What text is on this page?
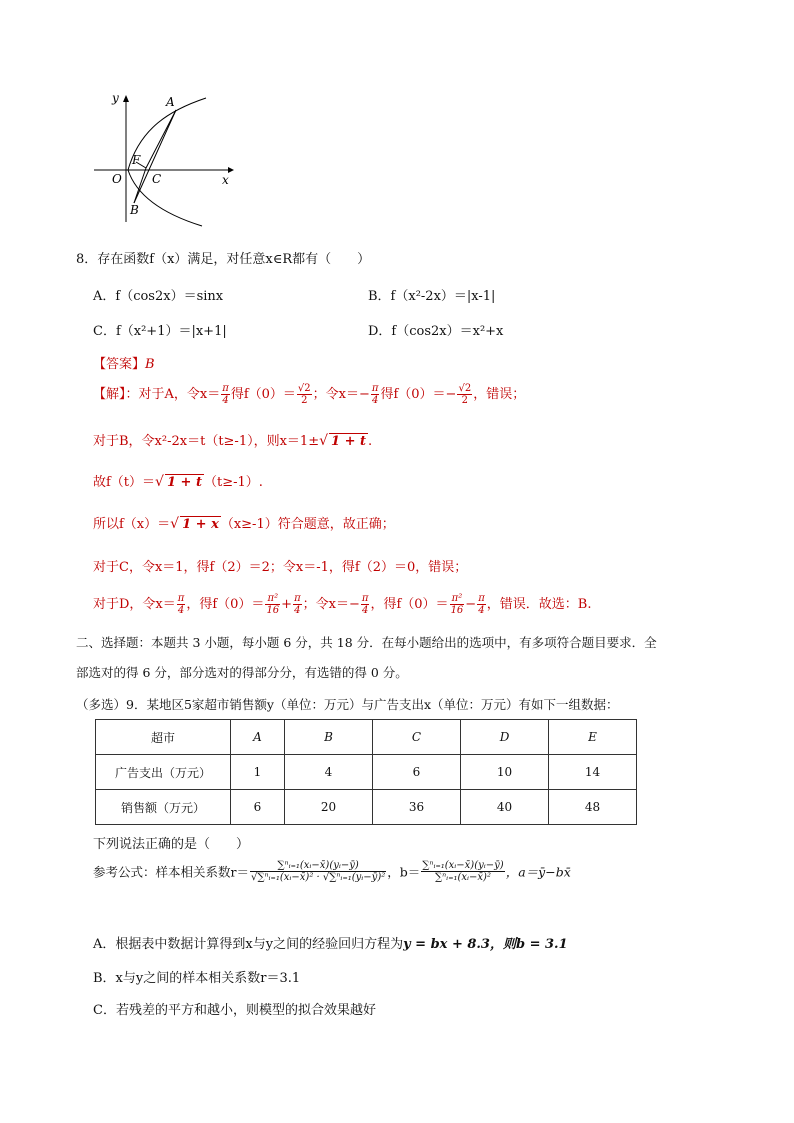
y
x
A
F
C
O
B
8．存在函数f（x）满足，对任意x∈R都有（　　）
A．f（cos2x）＝sinx	B．f（x²-2x）＝|x-1|
C．f（x²+1）＝|x+1|	D．f（cos2x）＝x²+x
【答案】B
【解】：对于A，令$x= \frac{\pi}{4}$ 得$f(0)= \frac{√2}{2}$ ；令$x=- \frac{\pi}{4}$ 得$f(0)=- \frac{√2}{2}$ ，错误；
对于B，令x²-2x＝t（t≥-1），则x＝1±√ 1 + t .
故f（t）＝√ 1 + t （t≥-1）.
所以f（x）＝√ 1 + x （x≥-1）符合题意，故正确；
对于C，令x＝1，得f（2）＝2；令x＝-1，得f（2）＝0，错误；
对于D，令$x= \frac{\pi}{4}$ ，得$f(0)= \frac{\text{π²}}{16} + \frac{\pi}{4}$ ；令$x=- \frac{\pi}{4}$ ，得$f(0)= \frac{\text{π²}}{16} - \frac{\pi}{4}$ ，错误．故选：B.
二、选择题：本题共 3 小题，每小题 6 分，共 18 分．在每小题给出的选项中，有多项符合题目要求．全
部选对的得 6 分，部分选对的得部分分，有选错的得 0 分。
（多选）9．某地区5家超市销售额y（单位：万元）与广告支出x（单位：万元）有如下一组数据：
超市	A	B	C	D	E
广告支出（万元）	1	4	6	10	14
销售额（万元）	6	20	36	40	48
下列说法正确的是（　　）
参考公式：样本相关系数$r= \frac{\text{∑ⁿᵢ₌₁(xᵢ−x̄)(yᵢ−ȳ)}}{\text{√∑ⁿᵢ₌₁(xᵢ−x̄)² · √∑ⁿᵢ₌₁(yᵢ−ȳ)²}}$ ，$b= \frac{\text{∑ⁿᵢ₌₁(xᵢ−x̄)(yᵢ−ȳ)}}{\text{∑ⁿᵢ₌₁(xᵢ−x̄)²}}$ ，a＝ȳ−bx̄
A．根据表中数据计算得到x与y之间的经验回归方程为y = bx + 8.3，则b = 3.1
B．x与y之间的样本相关系数r＝3.1
C．若残差的平方和越小，则模型的拟合效果越好
